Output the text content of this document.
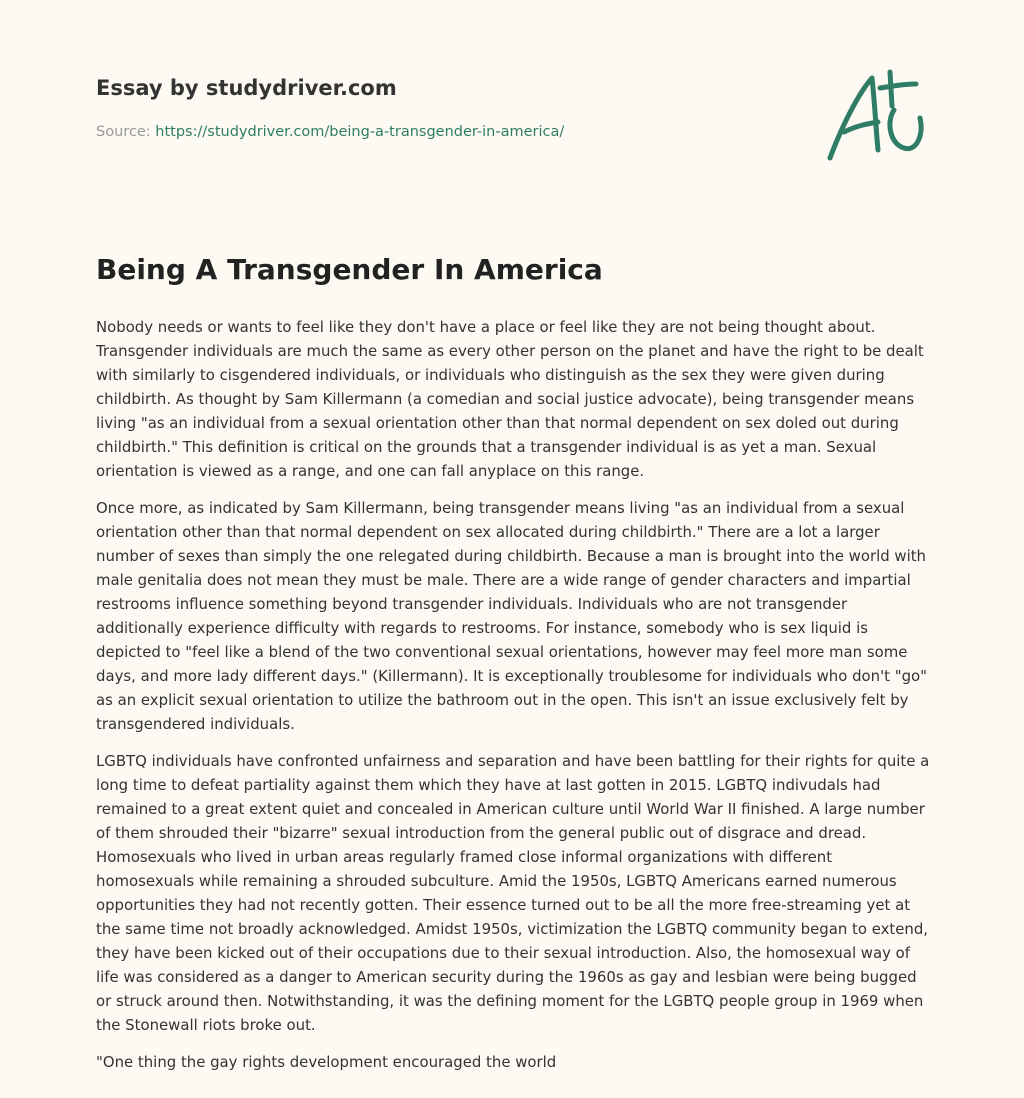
Essay by studydriver.com
Source: https://studydriver.com/being-a-transgender-in-america/
Being A Transgender In America

Nobody needs or wants to feel like they don't have a place or feel like they are not being thought about. Transgender individuals are much the same as every other person on the planet and have the right to be dealt with similarly to cisgendered individuals, or individuals who distinguish as the sex they were given during childbirth. As thought by Sam Killermann (a comedian and social justice advocate), being transgender means living "as an individual from a sexual orientation other than that normal dependent on sex doled out during childbirth." This definition is critical on the grounds that a transgender individual is as yet a man. Sexual orientation is viewed as a range, and one can fall anyplace on this range.

Once more, as indicated by Sam Killermann, being transgender means living "as an individual from a sexual orientation other than that normal dependent on sex allocated during childbirth." There are a lot a larger number of sexes than simply the one relegated during childbirth. Because a man is brought into the world with male genitalia does not mean they must be male. There are a wide range of gender characters and impartial restrooms influence something beyond transgender individuals. Individuals who are not transgender additionally experience difficulty with regards to restrooms. For instance, somebody who is sex liquid is depicted to "feel like a blend of the two conventional sexual orientations, however may feel more man some days, and more lady different days." (Killermann). It is exceptionally troublesome for individuals who don't "go" as an explicit sexual orientation to utilize the bathroom out in the open. This isn't an issue exclusively felt by transgendered individuals.

LGBTQ individuals have confronted unfairness and separation and have been battling for their rights for quite a long time to defeat partiality against them which they have at last gotten in 2015. LGBTQ indivudals had remained to a great extent quiet and concealed in American culture until World War II finished. A large number of them shrouded their "bizarre" sexual introduction from the general public out of disgrace and dread. Homosexuals who lived in urban areas regularly framed close informal organizations with different homosexuals while remaining a shrouded subculture. Amid the 1950s, LGBTQ Americans earned numerous opportunities they had not recently gotten. Their essence turned out to be all the more free-streaming yet at the same time not broadly acknowledged. Amidst 1950s, victimization the LGBTQ community began to extend, they have been kicked out of their occupations due to their sexual introduction. Also, the homosexual way of life was considered as a danger to American security during the 1960s as gay and lesbian were being bugged or struck around then. Notwithstanding, it was the defining moment for the LGBTQ people group in 1969 when the Stonewall riots broke out.

"One thing the gay rights development encouraged the world
